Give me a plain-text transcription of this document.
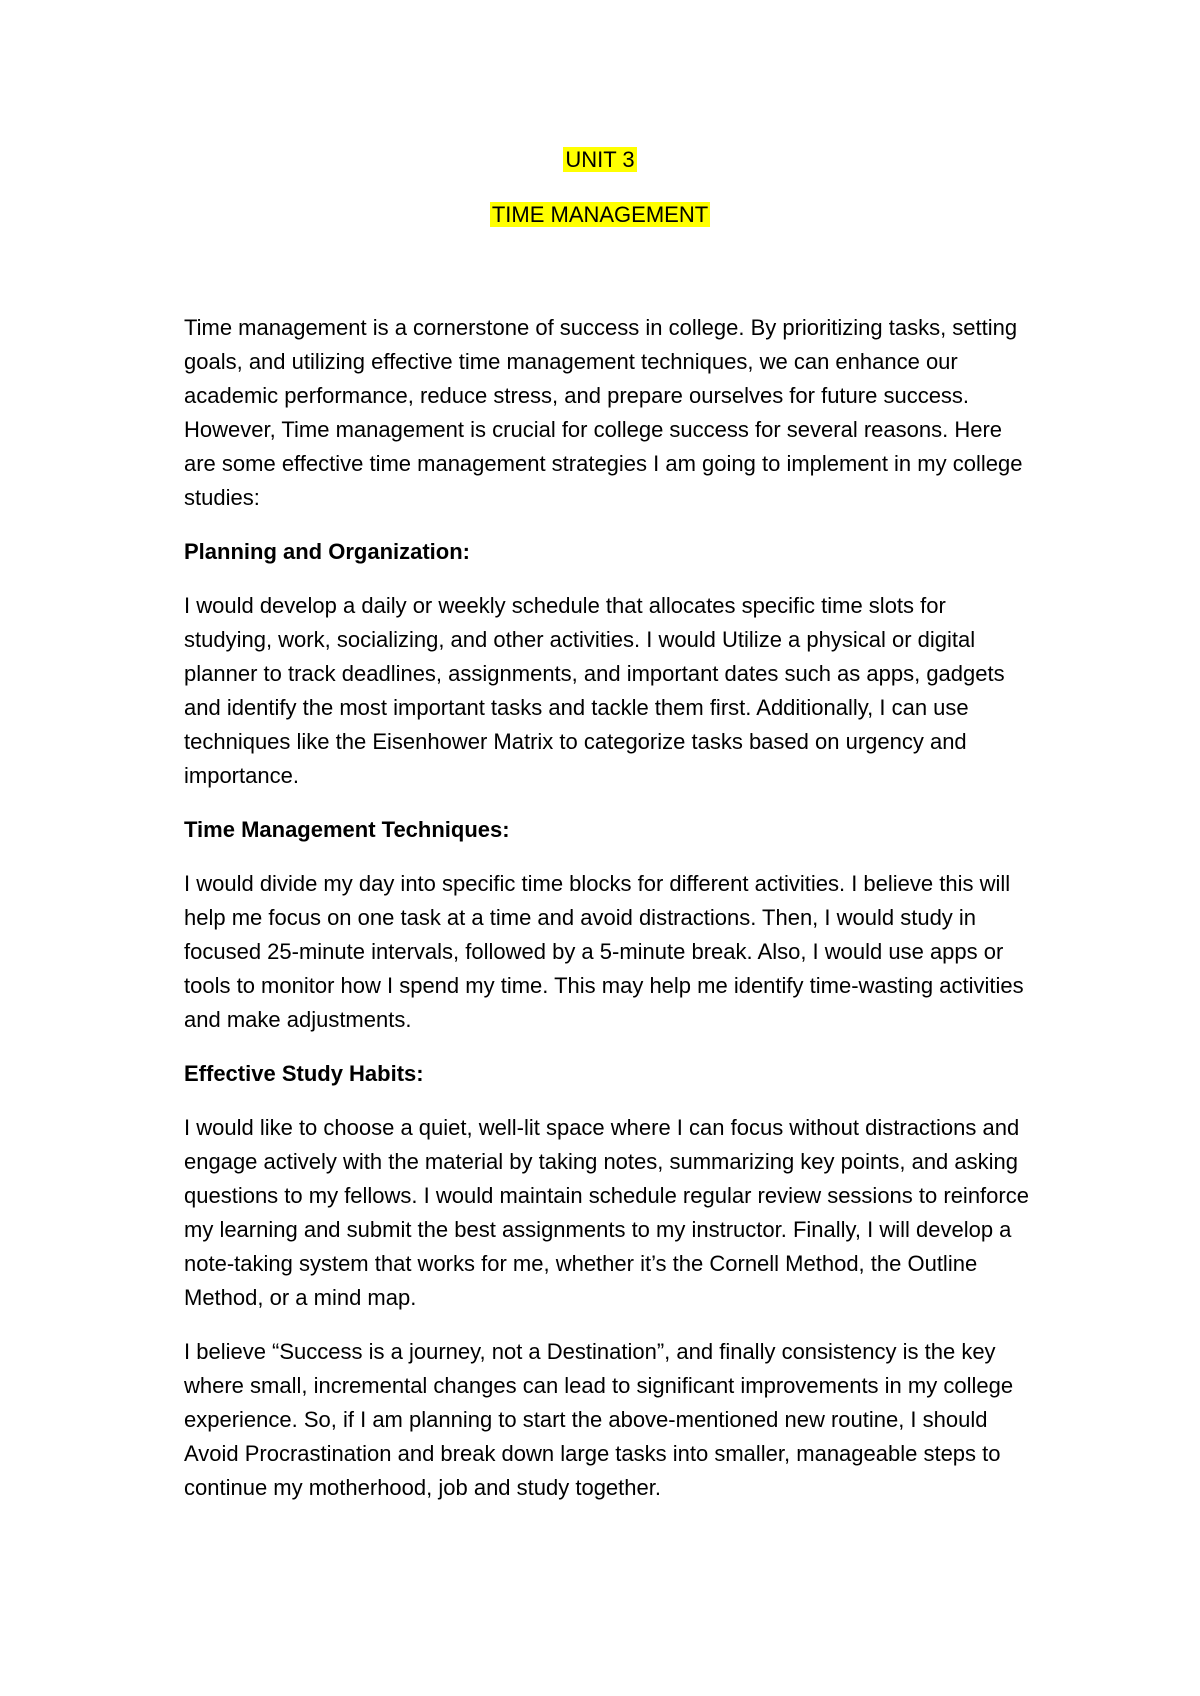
UNIT 3
TIME MANAGEMENT

Time management is a cornerstone of success in college. By prioritizing tasks, setting goals, and utilizing effective time management techniques, we can enhance our academic performance, reduce stress, and prepare ourselves for future success. However, Time management is crucial for college success for several reasons. Here are some effective time management strategies I am going to implement in my college studies:

Planning and Organization:

I would develop a daily or weekly schedule that allocates specific time slots for studying, work, socializing, and other activities. I would Utilize a physical or digital planner to track deadlines, assignments, and important dates such as apps, gadgets and identify the most important tasks and tackle them first. Additionally, I can use techniques like the Eisenhower Matrix to categorize tasks based on urgency and importance.

Time Management Techniques:

I would divide my day into specific time blocks for different activities. I believe this will help me focus on one task at a time and avoid distractions. Then, I would study in focused 25-minute intervals, followed by a 5-minute break. Also, I would use apps or tools to monitor how I spend my time. This may help me identify time-wasting activities and make adjustments.

Effective Study Habits:

I would like to choose a quiet, well-lit space where I can focus without distractions and engage actively with the material by taking notes, summarizing key points, and asking questions to my fellows. I would maintain schedule regular review sessions to reinforce my learning and submit the best assignments to my instructor. Finally, I will develop a note-taking system that works for me, whether it’s the Cornell Method, the Outline Method, or a mind map.

I believe “Success is a journey, not a Destination”, and finally consistency is the key where small, incremental changes can lead to significant improvements in my college experience. So, if I am planning to start the above-mentioned new routine, I should Avoid Procrastination and break down large tasks into smaller, manageable steps to continue my motherhood, job and study together.
